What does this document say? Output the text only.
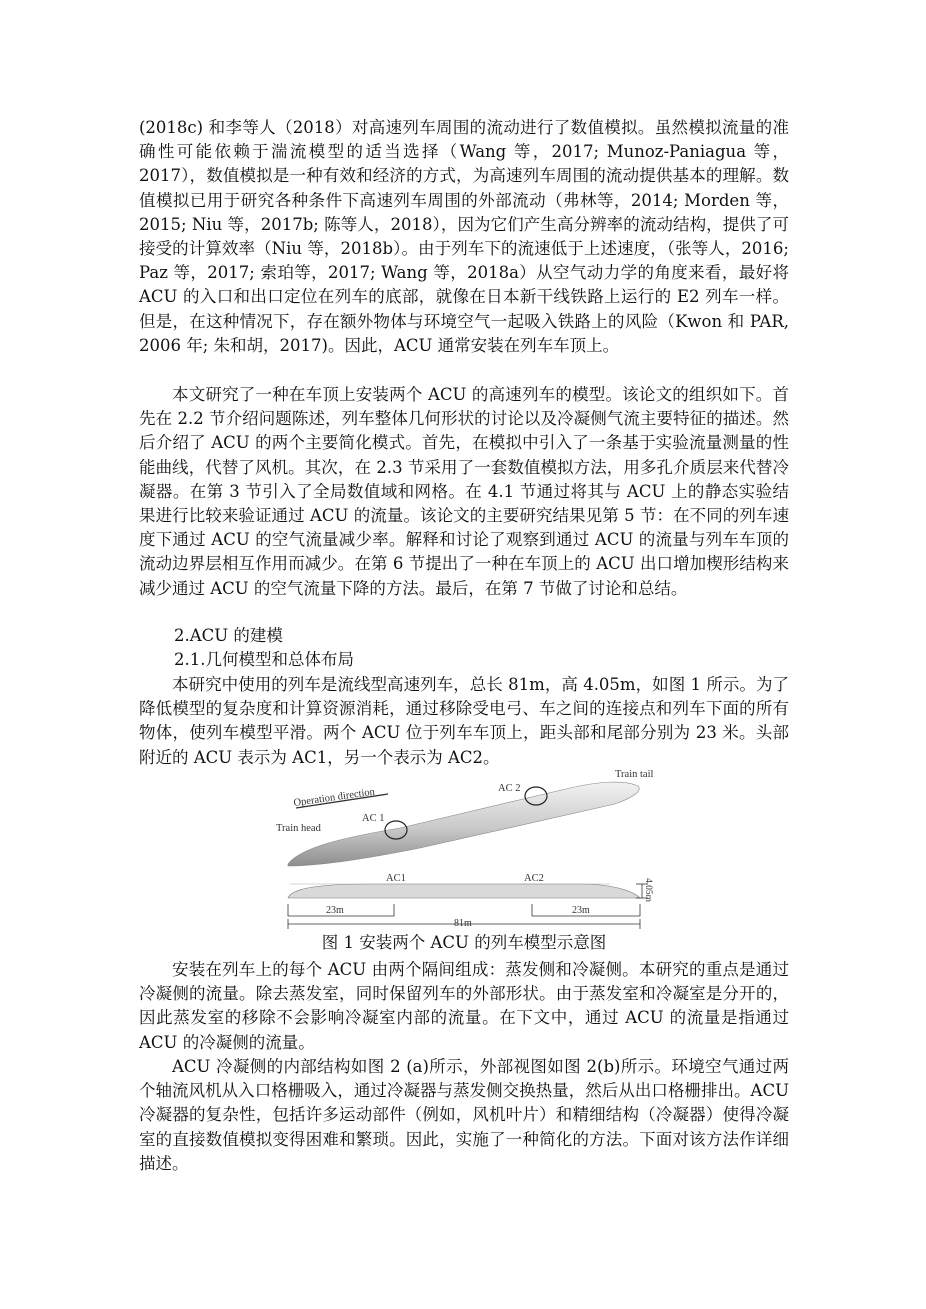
(2018c) 和李等人（2018）对高速列车周围的流动进行了数值模拟。虽然模拟流量的准确性可能依赖于湍流模型的适当选择（Wang 等，2017; Munoz-Paniagua 等，2017），数值模拟是一种有效和经济的方式，为高速列车周围的流动提供基本的理解。数值模拟已用于研究各种条件下高速列车周围的外部流动（弗林等，2014; Morden 等，2015; Niu 等，2017b; 陈等人，2018），因为它们产生高分辨率的流动结构，提供了可接受的计算效率（Niu 等，2018b）。由于列车下的流速低于上述速度，（张等人，2016; Paz 等，2017; 索珀等，2017; Wang 等，2018a）从空气动力学的角度来看，最好将 ACU 的入口和出口定位在列车的底部，就像在日本新干线铁路上运行的 E2 列车一样。但是，在这种情况下，存在额外物体与环境空气一起吸入铁路上的风险（Kwon 和 PAR, 2006 年; 朱和胡，2017)。因此，ACU 通常安装在列车车顶上。

本文研究了一种在车顶上安装两个 ACU 的高速列车的模型。该论文的组织如下。首先在 2.2 节介绍问题陈述，列车整体几何形状的讨论以及冷凝侧气流主要特征的描述。然后介绍了 ACU 的两个主要简化模式。首先，在模拟中引入了一条基于实验流量测量的性能曲线，代替了风机。其次，在 2.3 节采用了一套数值模拟方法，用多孔介质层来代替冷凝器。在第 3 节引入了全局数值域和网格。在 4.1 节通过将其与 ACU 上的静态实验结果进行比较来验证通过 ACU 的流量。该论文的主要研究结果见第 5 节：在不同的列车速度下通过 ACU 的空气流量减少率。解释和讨论了观察到通过 ACU 的流量与列车车顶的流动边界层相互作用而减少。在第 6 节提出了一种在车顶上的 ACU 出口增加楔形结构来减少通过 ACU 的空气流量下降的方法。最后，在第 7 节做了讨论和总结。

2.ACU 的建模

2.1.几何模型和总体布局

本研究中使用的列车是流线型高速列车，总长 81m，高 4.05m，如图 1 所示。为了降低模型的复杂度和计算资源消耗，通过移除受电弓、车之间的连接点和列车下面的所有物体，使列车模型平滑。两个 ACU 位于列车车顶上，距头部和尾部分别为 23 米。头部附近的 ACU 表示为 AC1，另一个表示为 AC2。

Operation direction
Train head
Train tail
AC 1
AC 2
AC1	AC2	4.05m
23m	23m
81m

图 1 安装两个 ACU 的列车模型示意图

安装在列车上的每个 ACU 由两个隔间组成：蒸发侧和冷凝侧。本研究的重点是通过冷凝侧的流量。除去蒸发室，同时保留列车的外部形状。由于蒸发室和冷凝室是分开的，因此蒸发室的移除不会影响冷凝室内部的流量。在下文中，通过 ACU 的流量是指通过 ACU 的冷凝侧的流量。

ACU 冷凝侧的内部结构如图 2 (a)所示，外部视图如图 2(b)所示。环境空气通过两个轴流风机从入口格栅吸入，通过冷凝器与蒸发侧交换热量，然后从出口格栅排出。ACU 冷凝器的复杂性，包括许多运动部件（例如，风机叶片）和精细结构（冷凝器）使得冷凝室的直接数值模拟变得困难和繁琐。因此，实施了一种简化的方法。下面对该方法作详细描述。
